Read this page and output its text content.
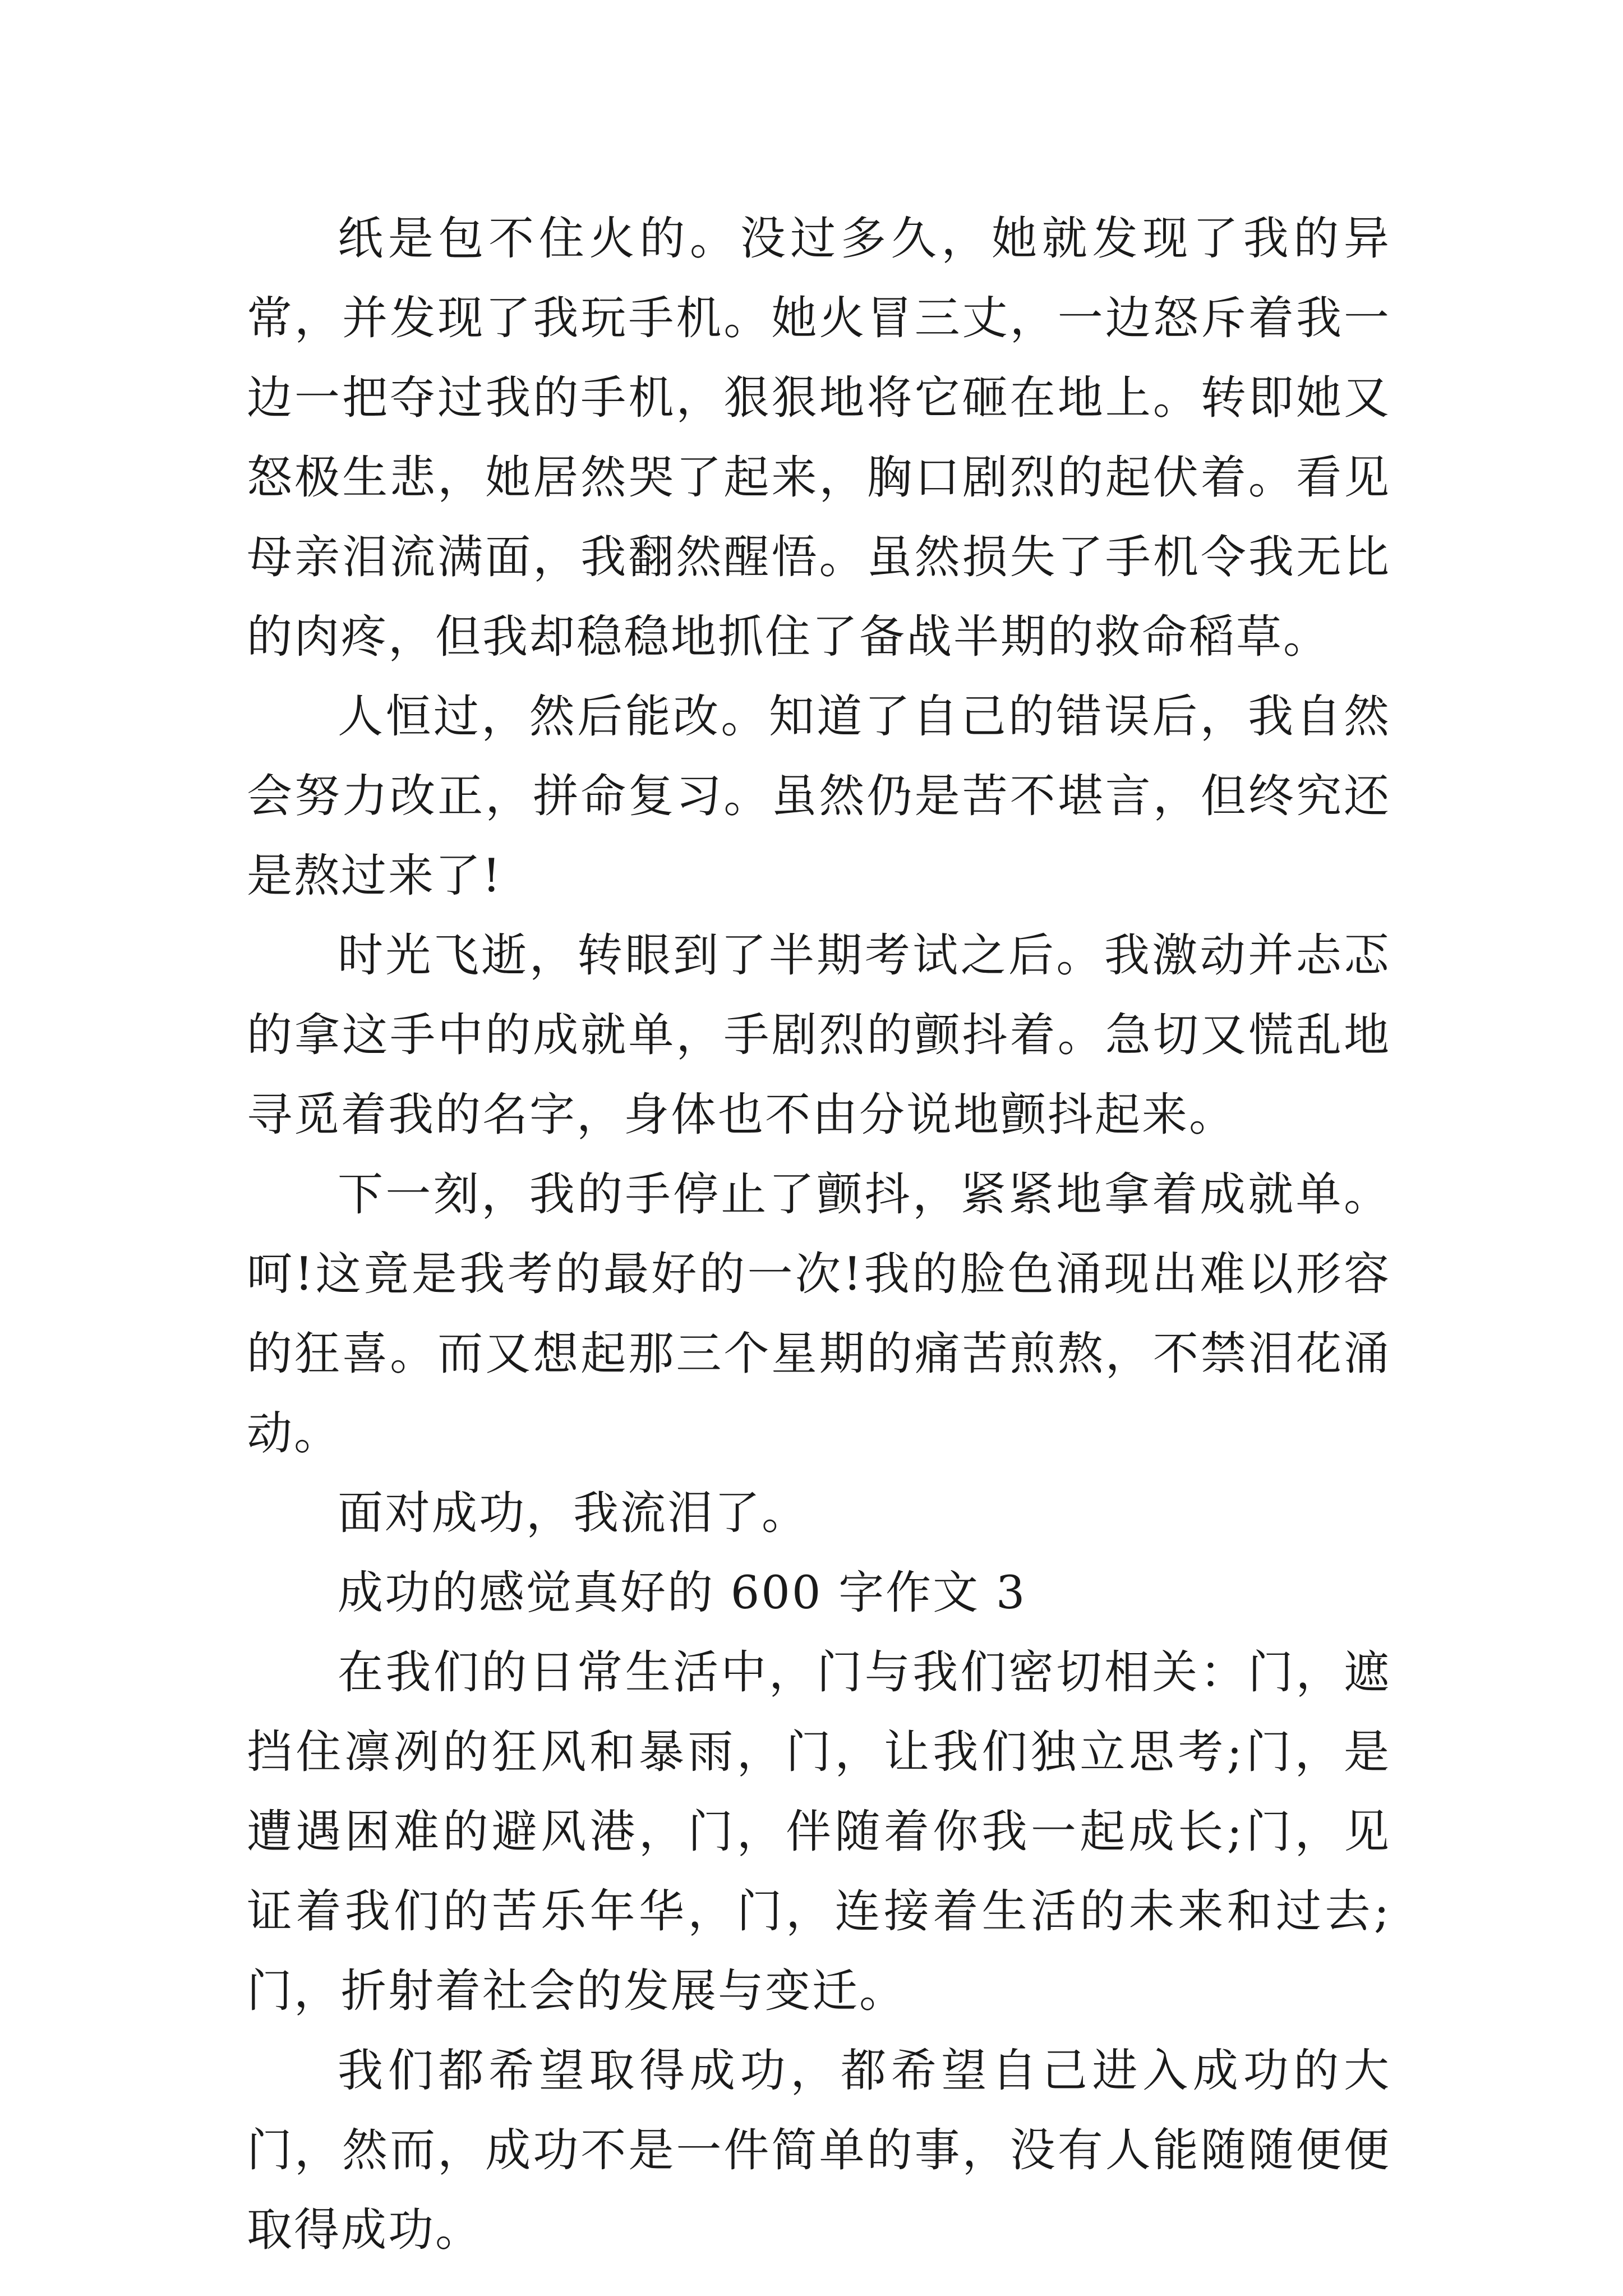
纸是包不住火的。没过多久，她就发现了我的异常，并发现了我玩手机。她火冒三丈，一边怒斥着我一边一把夺过我的手机，狠狠地将它砸在地上。转即她又怒极生悲，她居然哭了起来，胸口剧烈的起伏着。看见母亲泪流满面，我翻然醒悟。虽然损失了手机令我无比的肉疼，但我却稳稳地抓住了备战半期的救命稻草。

人恒过，然后能改。知道了自己的错误后，我自然会努力改正，拼命复习。虽然仍是苦不堪言，但终究还是熬过来了!

时光飞逝，转眼到了半期考试之后。我激动并忐忑的拿这手中的成就单，手剧烈的颤抖着。急切又慌乱地寻觅着我的名字，身体也不由分说地颤抖起来。

下一刻，我的手停止了颤抖，紧紧地拿着成就单。呵!这竟是我考的最好的一次!我的脸色涌现出难以形容的狂喜。而又想起那三个星期的痛苦煎熬，不禁泪花涌动。

面对成功，我流泪了。

成功的感觉真好的 600 字作文 3

在我们的日常生活中，门与我们密切相关：门，遮挡住凛冽的狂风和暴雨，门，让我们独立思考;门，是遭遇困难的避风港，门，伴随着你我一起成长;门，见证着我们的苦乐年华，门，连接着生活的未来和过去;门，折射着社会的发展与变迁。

我们都希望取得成功，都希望自己进入成功的大门，然而，成功不是一件简单的事，没有人能随随便便取得成功。
